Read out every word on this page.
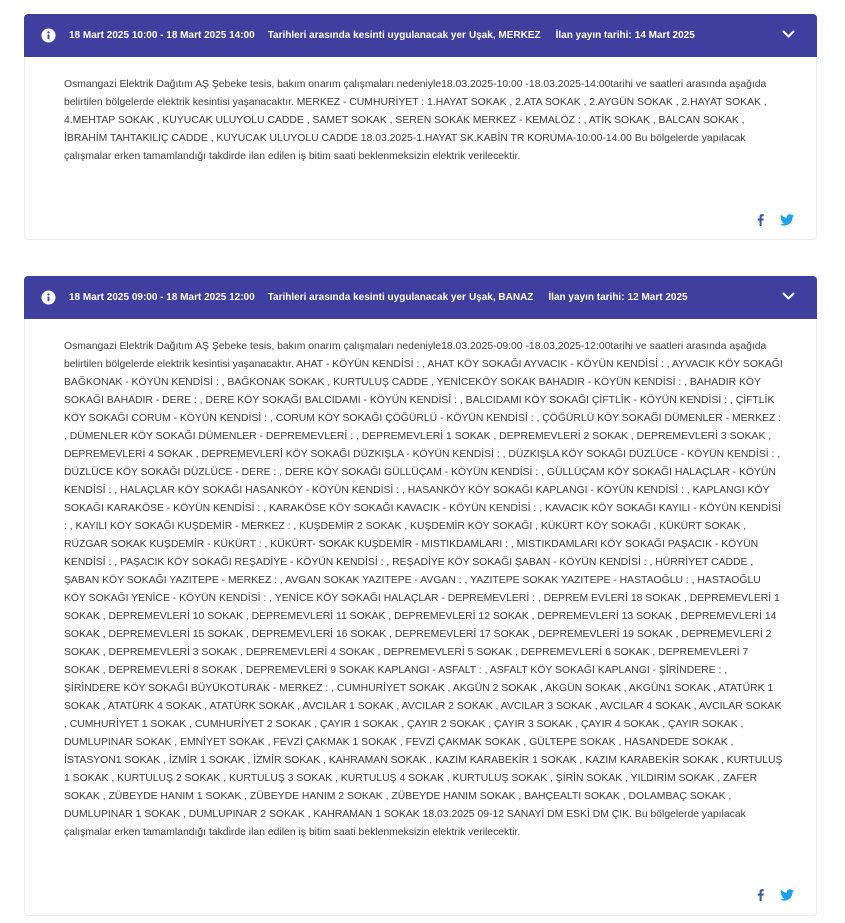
18 Mart 2025 10:00 - 18 Mart 2025 14:00 Tarihleri arasında kesinti uygulanacak yer Uşak, MERKEZ İlan yayın tarihi: 14 Mart 2025
Osmangazi Elektrik Dağıtım AŞ Şebeke tesis, bakım onarım çalışmaları nedeniyle18.03.2025-10:00 -18.03.2025-14:00tarihi ve saatleri arasında aşağıda belirtilen bölgelerde elektrik kesintisi yaşanacaktır. MERKEZ - CUMHURİYET : 1.HAYAT SOKAK , 2.ATA SOKAK , 2.AYGÜN SOKAK , 2.HAYAT SOKAK , 4.MEHTAP SOKAK , KUYUCAK ULUYOLU CADDE , SAMET SOKAK , SEREN SOKAK MERKEZ - KEMALÖZ : , ATİK SOKAK , BALCAN SOKAK , İBRAHİM TAHTAKILIÇ CADDE , KUYUCAK ULUYOLU CADDE 18.03.2025-1.HAYAT SK.KABİN TR KORUMA-10:00-14.00 Bu bölgelerde yapılacak çalışmalar erken tamamlandığı takdirde ilan edilen iş bitim saati beklenmeksizin elektrik verilecektir.
18 Mart 2025 09:00 - 18 Mart 2025 12:00 Tarihleri arasında kesinti uygulanacak yer Uşak, BANAZ İlan yayın tarihi: 12 Mart 2025
Osmangazi Elektrik Dağıtım AŞ Şebeke tesis, bakım onarım çalışmaları nedeniyle18.03.2025-09:00 -18.03.2025-12:00tarihi ve saatleri arasında aşağıda belirtilen bölgelerde elektrik kesintisi yaşanacaktır. AHAT - KÖYÜN KENDİSİ : , AHAT KÖY SOKAĞI AYVACIK - KÖYÜN KENDİSİ : , AYVACIK KÖY SOKAĞI BAĞKONAK - KÖYÜN KENDİSİ : , BAĞKONAK SOKAK , KURTULUŞ CADDE , YENİCEKÖY SOKAK BAHADIR - KÖYÜN KENDİSİ : , BAHADIR KÖY SOKAĞI BAHADIR - DERE : , DERE KÖY SOKAĞI BALCIDAMI - KÖYÜN KENDİSİ : , BALCIDAMI KÖY SOKAĞI ÇİFTLİK - KÖYÜN KENDİSİ : , ÇİFTLİK KÖY SOKAĞI CORUM - KÖYÜN KENDİSİ : , CORUM KÖY SOKAĞI ÇÖĞÜRLÜ - KÖYÜN KENDİSİ : , ÇÖĞÜRLÜ KÖY SOKAĞI DÜMENLER - MERKEZ : , DÜMENLER KÖY SOKAĞI DÜMENLER - DEPREMEVLERİ : , DEPREMEVLERİ 1 SOKAK , DEPREMEVLERİ 2 SOKAK , DEPREMEVLERİ 3 SOKAK , DEPREMEVLERİ 4 SOKAK , DEPREMEVLERİ KÖY SOKAĞI DÜZKIŞLA - KÖYÜN KENDİSİ : , DÜZKIŞLA KÖY SOKAĞI DÜZLÜCE - KÖYÜN KENDİSİ : , DÜZLÜCE KÖY SOKAĞI DÜZLÜCE - DERE : , DERE KÖY SOKAĞI GÜLLÜÇAM - KÖYÜN KENDİSİ : , GÜLLÜÇAM KÖY SOKAĞI HALAÇLAR - KÖYÜN KENDİSİ : , HALAÇLAR KÖY SOKAĞI HASANKÖY - KÖYÜN KENDİSİ : , HASANKÖY KÖY SOKAĞI KAPLANGI - KÖYÜN KENDİSİ : , KAPLANGI KÖY SOKAĞI KARAKÖSE - KÖYÜN KENDİSİ : , KARAKÖSE KÖY SOKAĞI KAVACIK - KÖYÜN KENDİSİ : , KAVACIK KÖY SOKAĞI KAYILI - KÖYÜN KENDİSİ : , KAYILI KÖY SOKAĞI KUŞDEMİR - MERKEZ : , KUŞDEMİR 2 SOKAK , KUŞDEMİR KÖY SOKAĞI , KÜKÜRT KÖY SOKAĞI , KÜKÜRT SOKAK , RÜZGAR SOKAK KUŞDEMİR - KÜKÜRT : , KÜKÜRT- SOKAK KUŞDEMİR - MISTIKDAMLARI : , MISTIKDAMLARI KÖY SOKAĞI PAŞACIK - KÖYÜN KENDİSİ : , PAŞACIK KÖY SOKAĞI REŞADİYE - KÖYÜN KENDİSİ : , REŞADİYE KÖY SOKAĞI ŞABAN - KÖYÜN KENDİSİ : , HÜRRİYET CADDE , ŞABAN KÖY SOKAĞI YAZITEPE - MERKEZ : , AVGAN SOKAK YAZITEPE - AVGAN : , YAZITEPE SOKAK YAZITEPE - HASTAOĞLU : , HASTAOĞLU KÖY SOKAĞI YENİCE - KÖYÜN KENDİSİ : , YENİCE KÖY SOKAĞI HALAÇLAR - DEPREMEVLERİ : , DEPREM EVLERİ 18 SOKAK , DEPREMEVLERİ 1 SOKAK , DEPREMEVLERİ 10 SOKAK , DEPREMEVLERİ 11 SOKAK , DEPREMEVLERİ 12 SOKAK , DEPREMEVLERİ 13 SOKAK , DEPREMEVLERİ 14 SOKAK , DEPREMEVLERİ 15 SOKAK , DEPREMEVLERİ 16 SOKAK , DEPREMEVLERİ 17 SOKAK , DEPREMEVLERİ 19 SOKAK , DEPREMEVLERİ 2 SOKAK , DEPREMEVLERİ 3 SOKAK , DEPREMEVLERİ 4 SOKAK , DEPREMEVLERİ 5 SOKAK , DEPREMEVLERİ 6 SOKAK , DEPREMEVLERİ 7 SOKAK , DEPREMEVLERİ 8 SOKAK , DEPREMEVLERİ 9 SOKAK KAPLANGI - ASFALT : , ASFALT KÖY SOKAĞI KAPLANGI - ŞİRİNDERE : , ŞİRİNDERE KÖY SOKAĞI BÜYÜKOTURAK - MERKEZ : , CUMHURİYET SOKAK , AKGÜN 2 SOKAK , AKGÜN SOKAK , AKGÜN1 SOKAK , ATATÜRK 1 SOKAK , ATATÜRK 4 SOKAK , ATATÜRK SOKAK , AVCILAR 1 SOKAK , AVCILAR 2 SOKAK , AVCILAR 3 SOKAK , AVCILAR 4 SOKAK , AVCILAR SOKAK , CUMHURİYET 1 SOKAK , CUMHURİYET 2 SOKAK , ÇAYIR 1 SOKAK , ÇAYIR 2 SOKAK , ÇAYIR 3 SOKAK , ÇAYIR 4 SOKAK , ÇAYIR SOKAK , DUMLUPINAR SOKAK , EMNİYET SOKAK , FEVZİ ÇAKMAK 1 SOKAK , FEVZİ ÇAKMAK SOKAK , GÜLTEPE SOKAK , HASANDEDE SOKAK , İSTASYON1 SOKAK , İZMİR 1 SOKAK , İZMİR SOKAK , KAHRAMAN SOKAK , KAZIM KARABEKİR 1 SOKAK , KAZIM KARABEKİR SOKAK , KURTULUŞ 1 SOKAK , KURTULUŞ 2 SOKAK , KURTULUŞ 3 SOKAK , KURTULUŞ 4 SOKAK , KURTULUŞ SOKAK , ŞİRİN SOKAK , YILDIRIM SOKAK , ZAFER SOKAK , ZÜBEYDE HANIM 1 SOKAK , ZÜBEYDE HANIM 2 SOKAK , ZÜBEYDE HANIM SOKAK , BAHÇEALTI SOKAK , DOLAMBAÇ SOKAK , DUMLUPINAR 1 SOKAK , DUMLUPINAR 2 SOKAK , KAHRAMAN 1 SOKAK 18.03.2025 09-12 SANAYİ DM ESKİ DM ÇIK. Bu bölgelerde yapılacak çalışmalar erken tamamlandığı takdirde ilan edilen iş bitim saati beklenmeksizin elektrik verilecektir.
